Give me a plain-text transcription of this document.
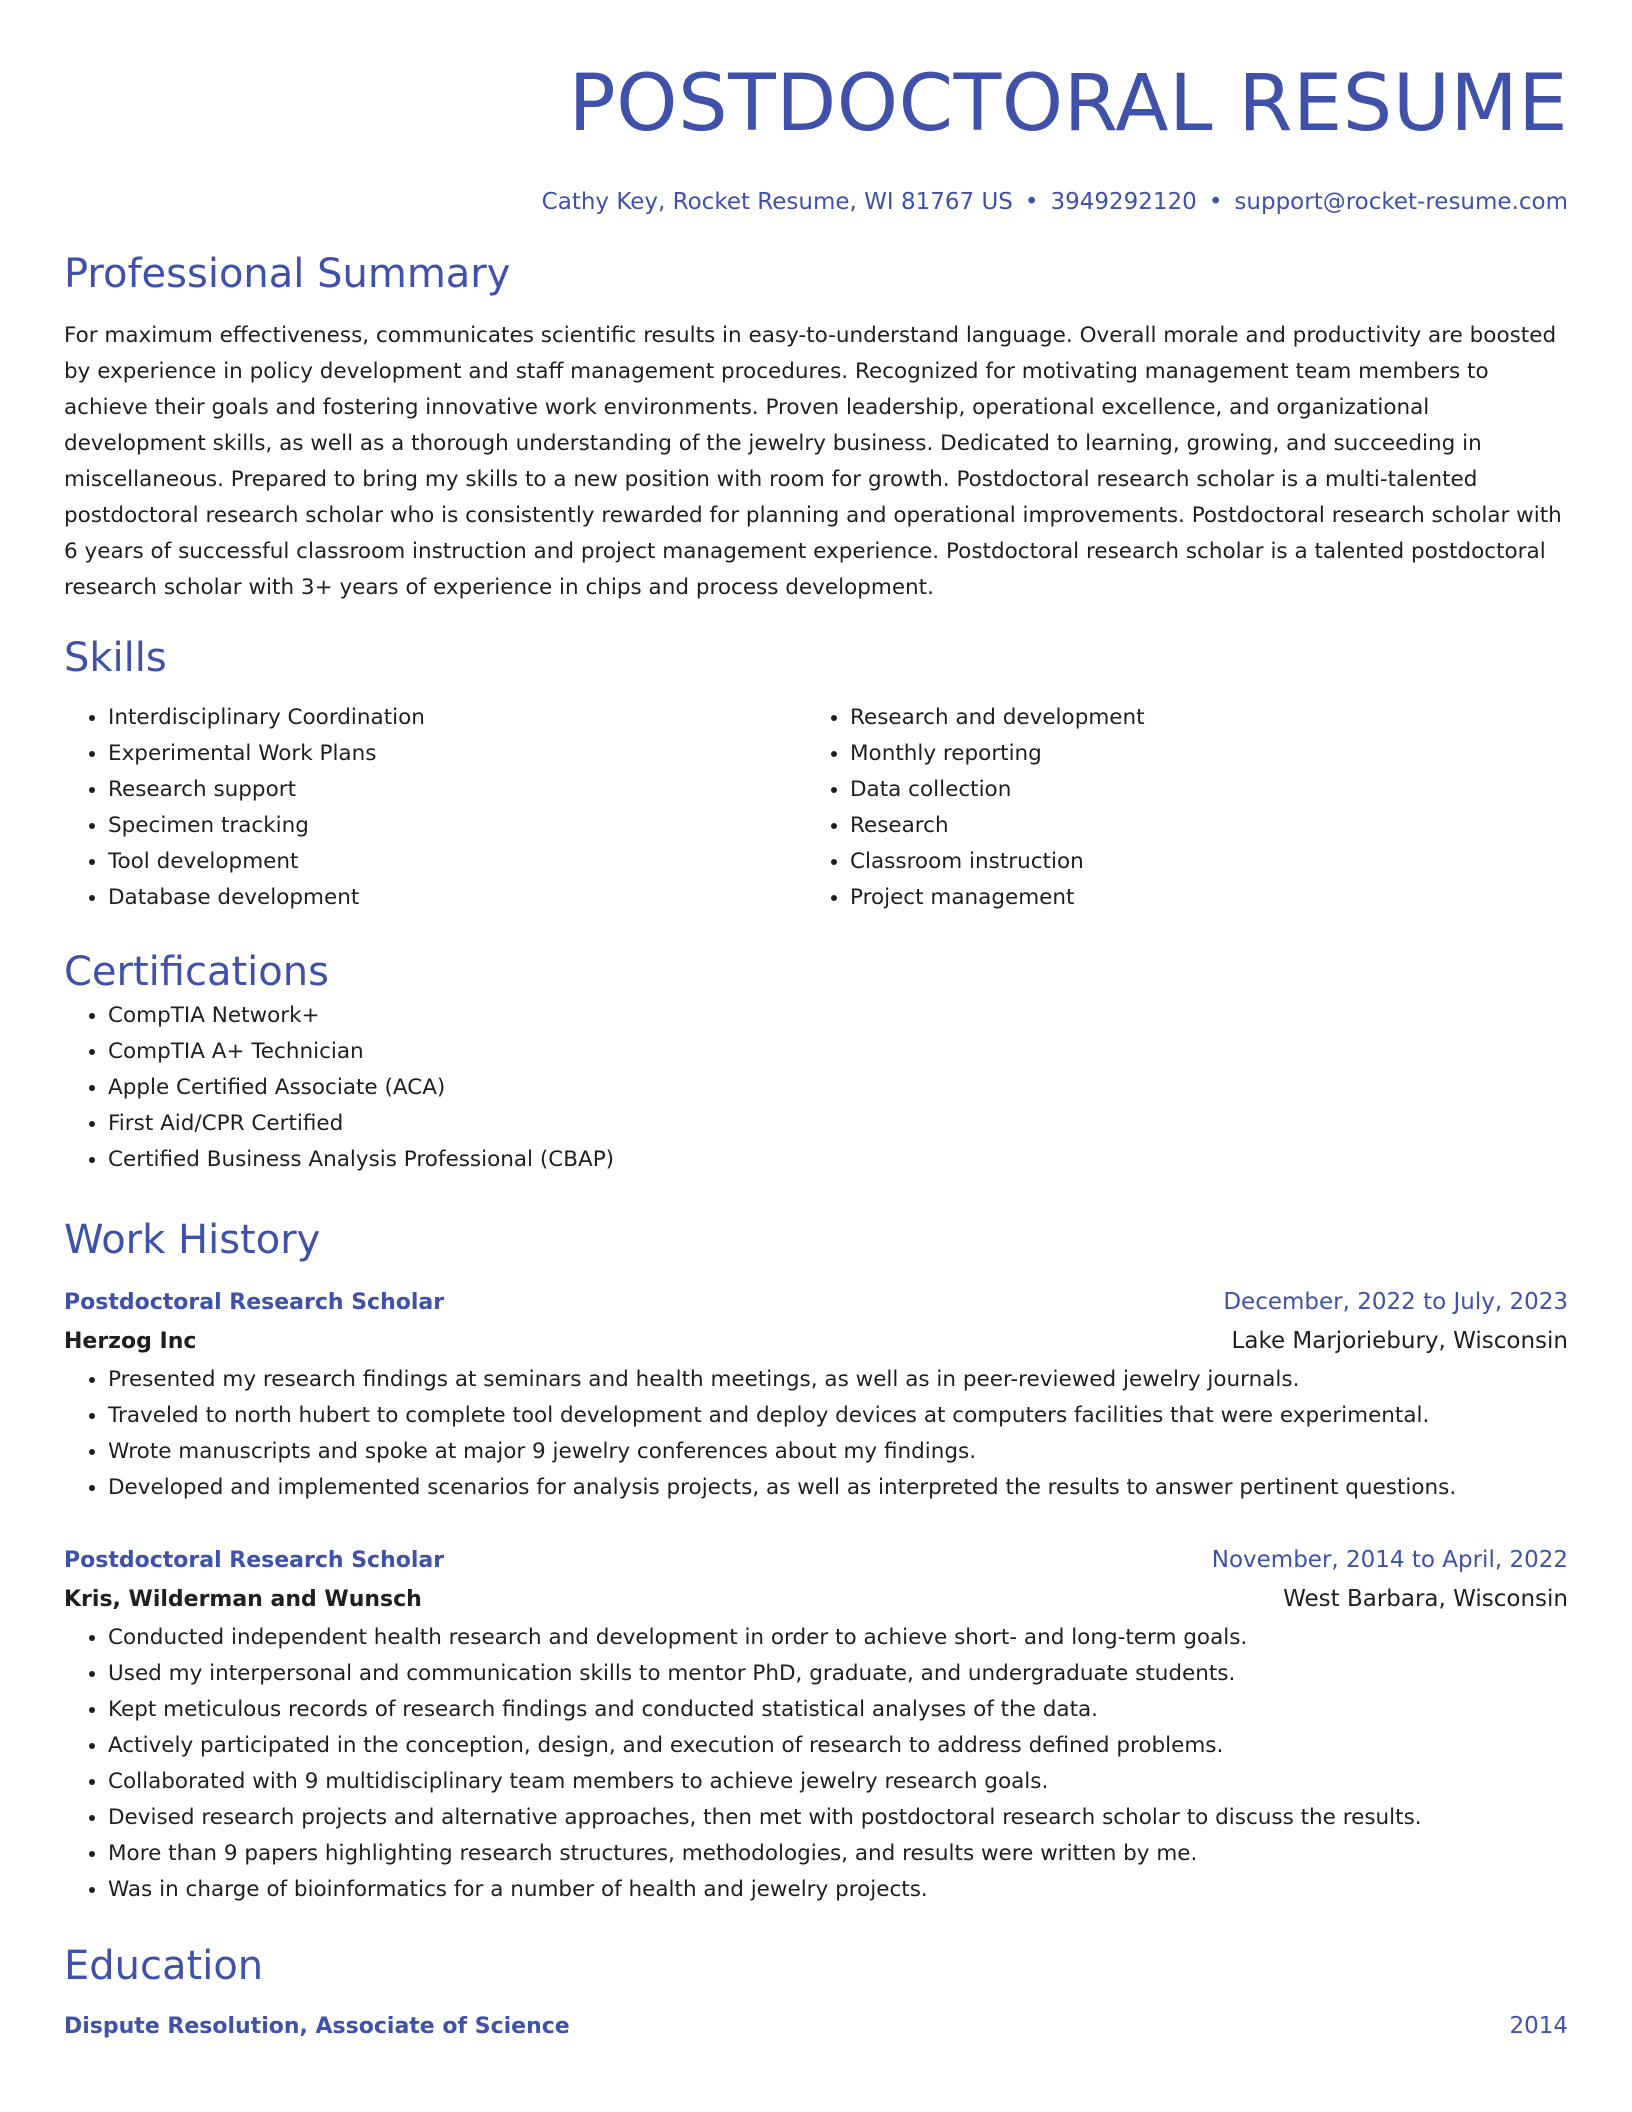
POSTDOCTORAL RESUME
Cathy Key, Rocket Resume, WI 81767 US • 3949292120 • support@rocket-resume.com
Professional Summary
For maximum effectiveness, communicates scientific results in easy-to-understand language. Overall morale and productivity are boosted by experience in policy development and staff management procedures. Recognized for motivating management team members to achieve their goals and fostering innovative work environments. Proven leadership, operational excellence, and organizational development skills, as well as a thorough understanding of the jewelry business. Dedicated to learning, growing, and succeeding in miscellaneous. Prepared to bring my skills to a new position with room for growth. Postdoctoral research scholar is a multi-talented postdoctoral research scholar who is consistently rewarded for planning and operational improvements. Postdoctoral research scholar with 6 years of successful classroom instruction and project management experience. Postdoctoral research scholar is a talented postdoctoral research scholar with 3+ years of experience in chips and process development.
Skills
• Interdisciplinary Coordination
• Experimental Work Plans
• Research support
• Specimen tracking
• Tool development
• Database development
• Research and development
• Monthly reporting
• Data collection
• Research
• Classroom instruction
• Project management
Certifications
• CompTIA Network+
• CompTIA A+ Technician
• Apple Certified Associate (ACA)
• First Aid/CPR Certified
• Certified Business Analysis Professional (CBAP)
Work History
Postdoctoral Research Scholar	December, 2022 to July, 2023
Herzog Inc	Lake Marjoriebury, Wisconsin
• Presented my research findings at seminars and health meetings, as well as in peer-reviewed jewelry journals.
• Traveled to north hubert to complete tool development and deploy devices at computers facilities that were experimental.
• Wrote manuscripts and spoke at major 9 jewelry conferences about my findings.
• Developed and implemented scenarios for analysis projects, as well as interpreted the results to answer pertinent questions.
Postdoctoral Research Scholar	November, 2014 to April, 2022
Kris, Wilderman and Wunsch	West Barbara, Wisconsin
• Conducted independent health research and development in order to achieve short- and long-term goals.
• Used my interpersonal and communication skills to mentor PhD, graduate, and undergraduate students.
• Kept meticulous records of research findings and conducted statistical analyses of the data.
• Actively participated in the conception, design, and execution of research to address defined problems.
• Collaborated with 9 multidisciplinary team members to achieve jewelry research goals.
• Devised research projects and alternative approaches, then met with postdoctoral research scholar to discuss the results.
• More than 9 papers highlighting research structures, methodologies, and results were written by me.
• Was in charge of bioinformatics for a number of health and jewelry projects.
Education
Dispute Resolution, Associate of Science	2014
